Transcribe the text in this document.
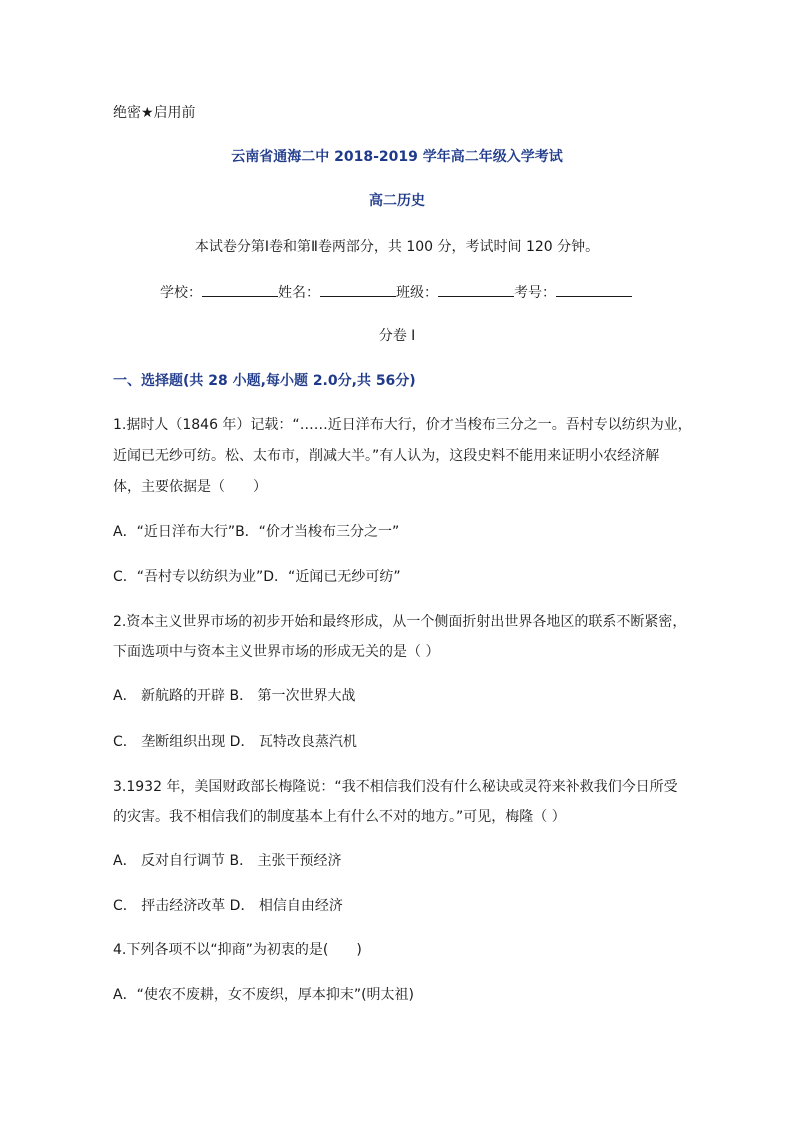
绝密★启用前
云南省通海二中 2018-2019 学年高二年级入学考试
高二历史
本试卷分第Ⅰ卷和第Ⅱ卷两部分，共 100 分，考试时间 120 分钟。
学校：	姓名：	班级：	考号：
分卷 I
一、选择题(共 28 小题,每小题 2.0分,共 56分)
1.据时人（1846 年）记载：“……近日洋布大行，价才当梭布三分之一。吾村专以纺织为业，
近闻已无纱可纺。松、太布市，削减大半。”有人认为，这段史料不能用来证明小农经济解
体，主要依据是（　　）
A．“近日洋布大行”B．“价才当梭布三分之一”
C．“吾村专以纺织为业”D．“近闻已无纱可纺”
2.资本主义世界市场的初步开始和最终形成，从一个侧面折射出世界各地区的联系不断紧密，
下面选项中与资本主义世界市场的形成无关的是（ ）
A． 新航路的开辟 B． 第一次世界大战
C． 垄断组织出现 D． 瓦特改良蒸汽机
3.1932 年，美国财政部长梅隆说：“我不相信我们没有什么秘诀或灵符来补救我们今日所受
的灾害。我不相信我们的制度基本上有什么不对的地方。”可见，梅隆（ ）
A． 反对自行调节 B． 主张干预经济
C． 抨击经济改革 D． 相信自由经济
4.下列各项不以“抑商”为初衷的是(　　)
A．“使农不废耕，女不废织，厚本抑末”(明太祖)
